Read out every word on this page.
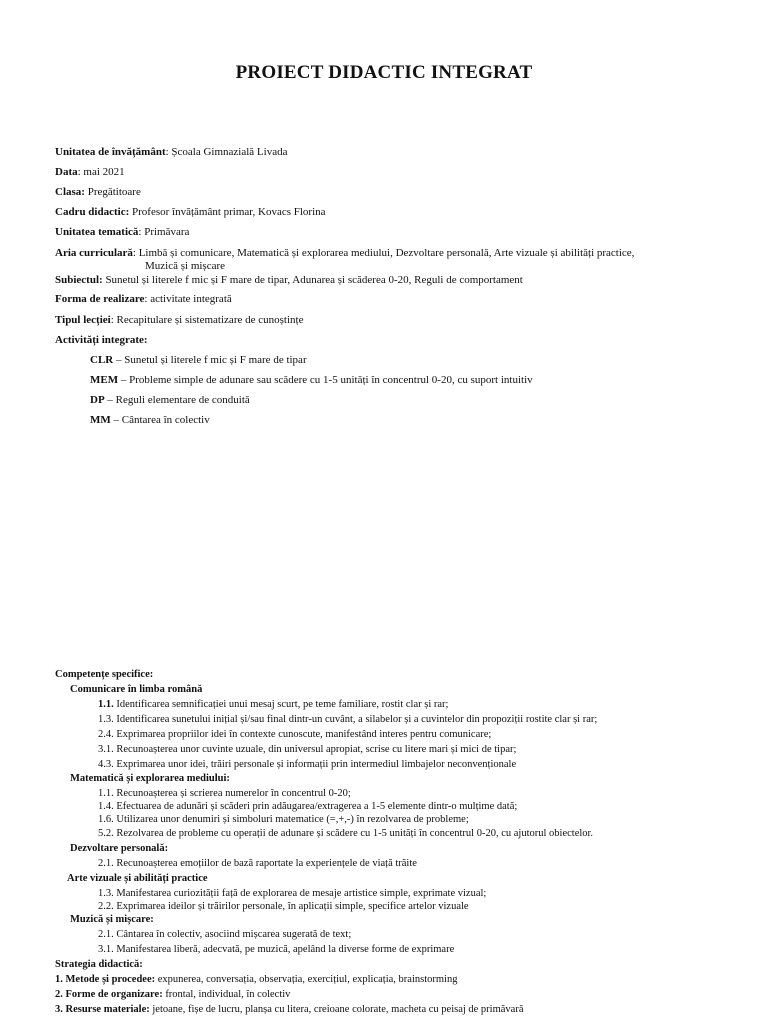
PROIECT DIDACTIC INTEGRAT
Unitatea de învățământ: Școala Gimnazială Livada
Data: mai 2021
Clasa: Pregătitoare
Cadru didactic: Profesor învățământ primar, Kovacs Florina
Unitatea tematică: Primăvara
Aria curriculară: Limbă și comunicare, Matematică și explorarea mediului, Dezvoltare personală, Arte vizuale și abilități practice,
Muzică și mișcare
Subiectul: Sunetul și literele f mic și F mare de tipar, Adunarea și scăderea 0-20, Reguli de comportament
Forma de realizare: activitate integrată
Tipul lecției: Recapitulare și sistematizare de cunoștințe
Activități integrate:
CLR – Sunetul și literele f mic și F mare de tipar
MEM – Probleme simple de adunare sau scădere cu 1-5 unități în concentrul 0-20, cu suport intuitiv
DP – Reguli elementare de conduită
MM – Cântarea în colectiv
Competențe specifice:
Comunicare în limba română
1.1. Identificarea semnificației unui mesaj scurt, pe teme familiare, rostit clar și rar;
1.3. Identificarea sunetului inițial și/sau final dintr-un cuvânt, a silabelor și a cuvintelor din propoziții rostite clar și rar;
2.4. Exprimarea propriilor idei în contexte cunoscute, manifestând interes pentru comunicare;
3.1. Recunoașterea unor cuvinte uzuale, din universul apropiat, scrise cu litere mari și mici de tipar;
4.3. Exprimarea unor idei, trăiri personale și informații prin intermediul limbajelor neconvenționale
Matematică și explorarea mediului:
1.1. Recunoașterea și scrierea numerelor în concentrul 0-20;
1.4. Efectuarea de adunări și scăderi prin adăugarea/extragerea a 1-5 elemente dintr-o mulțime dată;
1.6. Utilizarea unor denumiri și simboluri matematice (=,+,-) în rezolvarea de probleme;
5.2. Rezolvarea de probleme cu operații de adunare și scădere cu 1-5 unități în concentrul 0-20, cu ajutorul obiectelor.
Dezvoltare personală:
2.1. Recunoașterea emoțiilor de bază raportate la experiențele de viață trăite
Arte vizuale și abilități practice
1.3. Manifestarea curiozității față de explorarea de mesaje artistice simple, exprimate vizual;
2.2. Exprimarea ideilor și trăirilor personale, în aplicații simple, specifice artelor vizuale
Muzică și mișcare:
2.1. Cântarea în colectiv, asociind mișcarea sugerată de text;
3.1. Manifestarea liberă, adecvată, pe muzică, apelând la diverse forme de exprimare
Strategia didactică:
1. Metode și procedee: expunerea, conversația, observația, exercițiul, explicația, brainstorming
2. Forme de organizare: frontal, individual, în colectiv
3. Resurse materiale: jetoane, fișe de lucru, planșa cu litera, creioane colorate, macheta cu peisaj de primăvară
